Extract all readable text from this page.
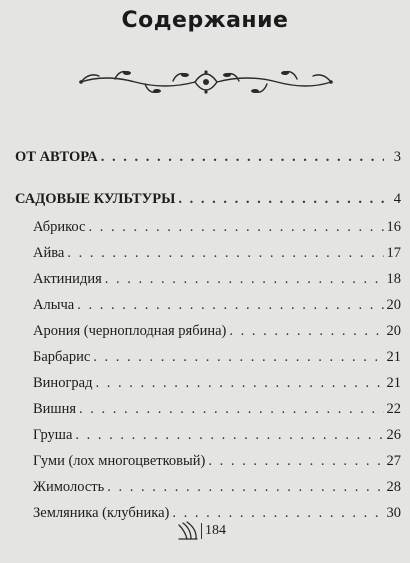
Содержание
ОТ АВТОРА . . .	3
САДОВЫЕ КУЛЬТУРЫ . . .	4
Абрикос . . .	16
Айва . . .	17
Актинидия . . .	18
Алыча . . .	20
Арония (черноплодная рябина) . . .	20
Барбарис . . .	21
Виноград . . .	21
Вишня . . .	22
Груша . . .	26
Гуми (лох многоцветковый) . . .	27
Жимолость . . .	28
Земляника (клубника) . . .	30
184
